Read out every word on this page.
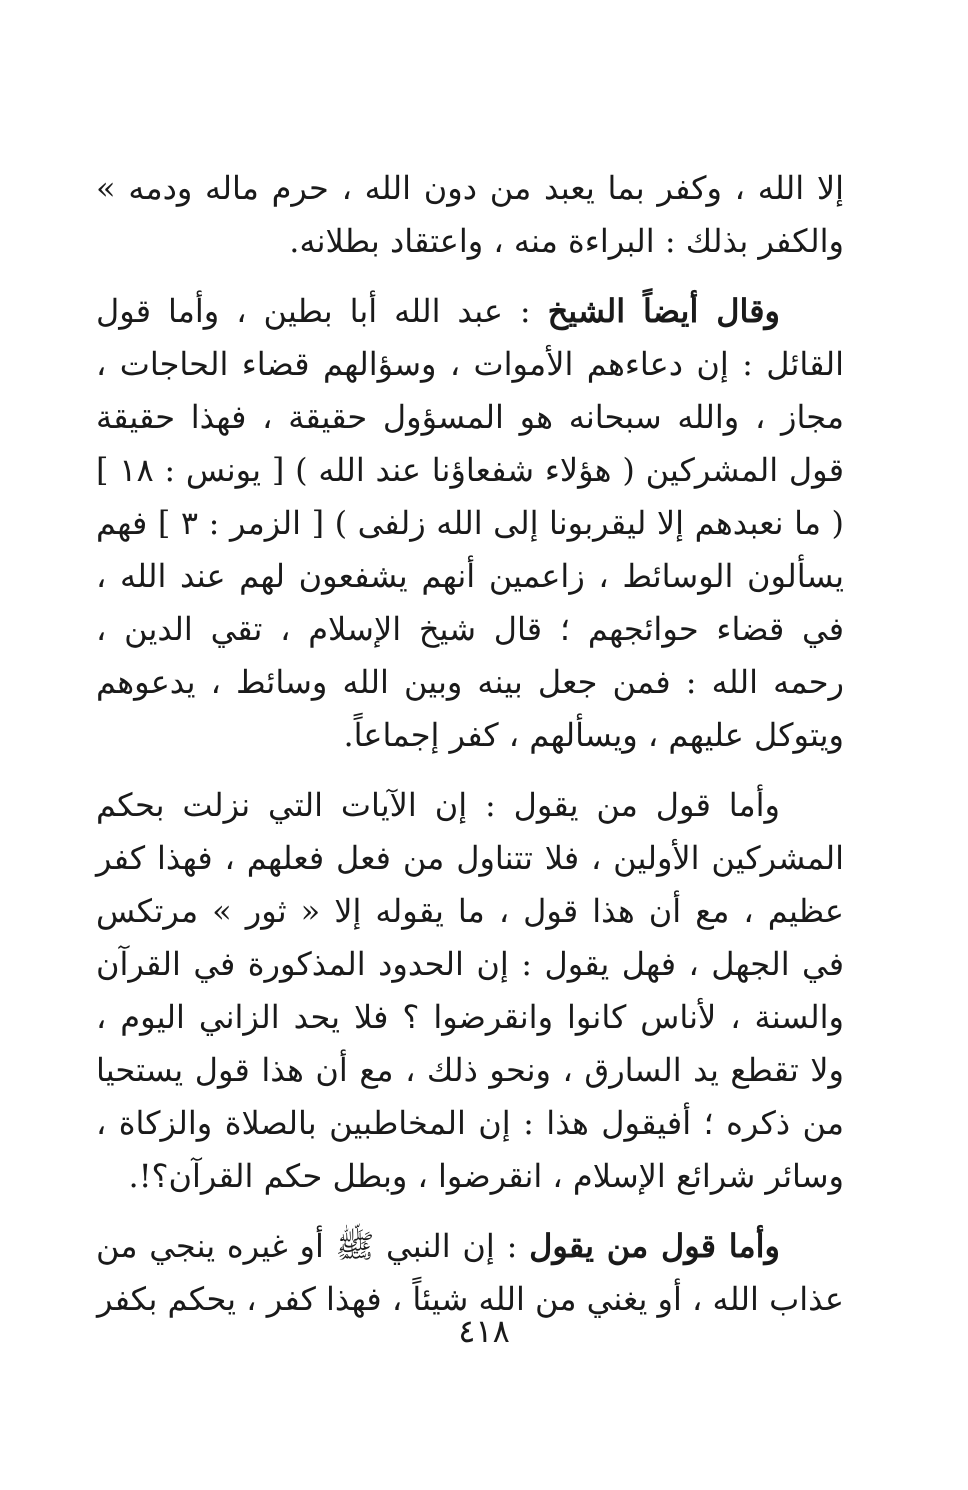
إلا الله ، وكفر بما يعبد من دون الله ، حرم ماله ودمه » والكفر بذلك : البراءة منه ، واعتقاد بطلانه.

وقال أيضاً الشيخ : عبد الله أبا بطين ، وأما قول القائل : إن دعاءهم الأموات ، وسؤالهم قضاء الحاجات ، مجاز ، والله سبحانه هو المسؤول حقيقة ، فهذا حقيقة قول المشركين ( هؤلاء شفعاؤنا عند الله ) [ يونس : ١٨ ] ( ما نعبدهم إلا ليقربونا إلى الله زلفى ) [ الزمر : ٣ ] فهم يسألون الوسائط ، زاعمين أنهم يشفعون لهم عند الله ، في قضاء حوائجهم ؛ قال شيخ الإسلام ، تقي الدين ، رحمه الله : فمن جعل بينه وبين الله وسائط ، يدعوهم ويتوكل عليهم ، ويسألهم ، كفر إجماعاً.

وأما قول من يقول : إن الآيات التي نزلت بحكم المشركين الأولين ، فلا تتناول من فعل فعلهم ، فهذا كفر عظيم ، مع أن هذا قول ، ما يقوله إلا « ثور » مرتكس في الجهل ، فهل يقول : إن الحدود المذكورة في القرآن والسنة ، لأناس كانوا وانقرضوا ؟ فلا يحد الزاني اليوم ، ولا تقطع يد السارق ، ونحو ذلك ، مع أن هذا قول يستحيا من ذكره ؛ أفيقول هذا : إن المخاطبين بالصلاة والزكاة ، وسائر شرائع الإسلام ، انقرضوا ، وبطل حكم القرآن؟!.

وأما قول من يقول : إن النبي ﷺ أو غيره ينجي من عذاب الله ، أو يغني من الله شيئاً ، فهذا كفر ، يحكم بكفر

٤١٨
